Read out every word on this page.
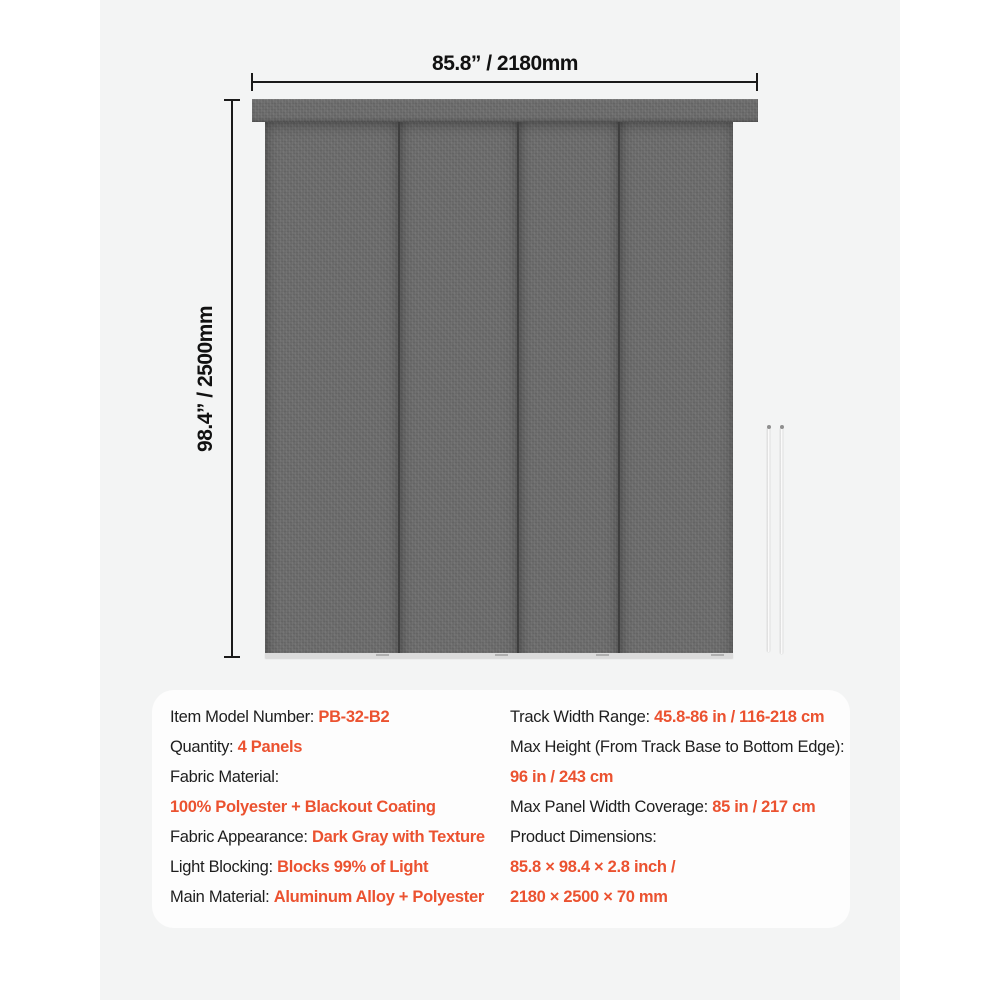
85.8” / 2180mm
98.4” / 2500mm
Item Model Number: PB-32-B2
Quantity: 4 Panels
Fabric Material:
100% Polyester + Blackout Coating
Fabric Appearance: Dark Gray with Texture
Light Blocking: Blocks 99% of Light
Main Material: Aluminum Alloy + Polyester
Track Width Range: 45.8-86 in / 116-218 cm
Max Height (From Track Base to Bottom Edge):
96 in / 243 cm
Max Panel Width Coverage: 85 in / 217 cm
Product Dimensions:
85.8 × 98.4 × 2.8 inch /
2180 × 2500 × 70 mm
